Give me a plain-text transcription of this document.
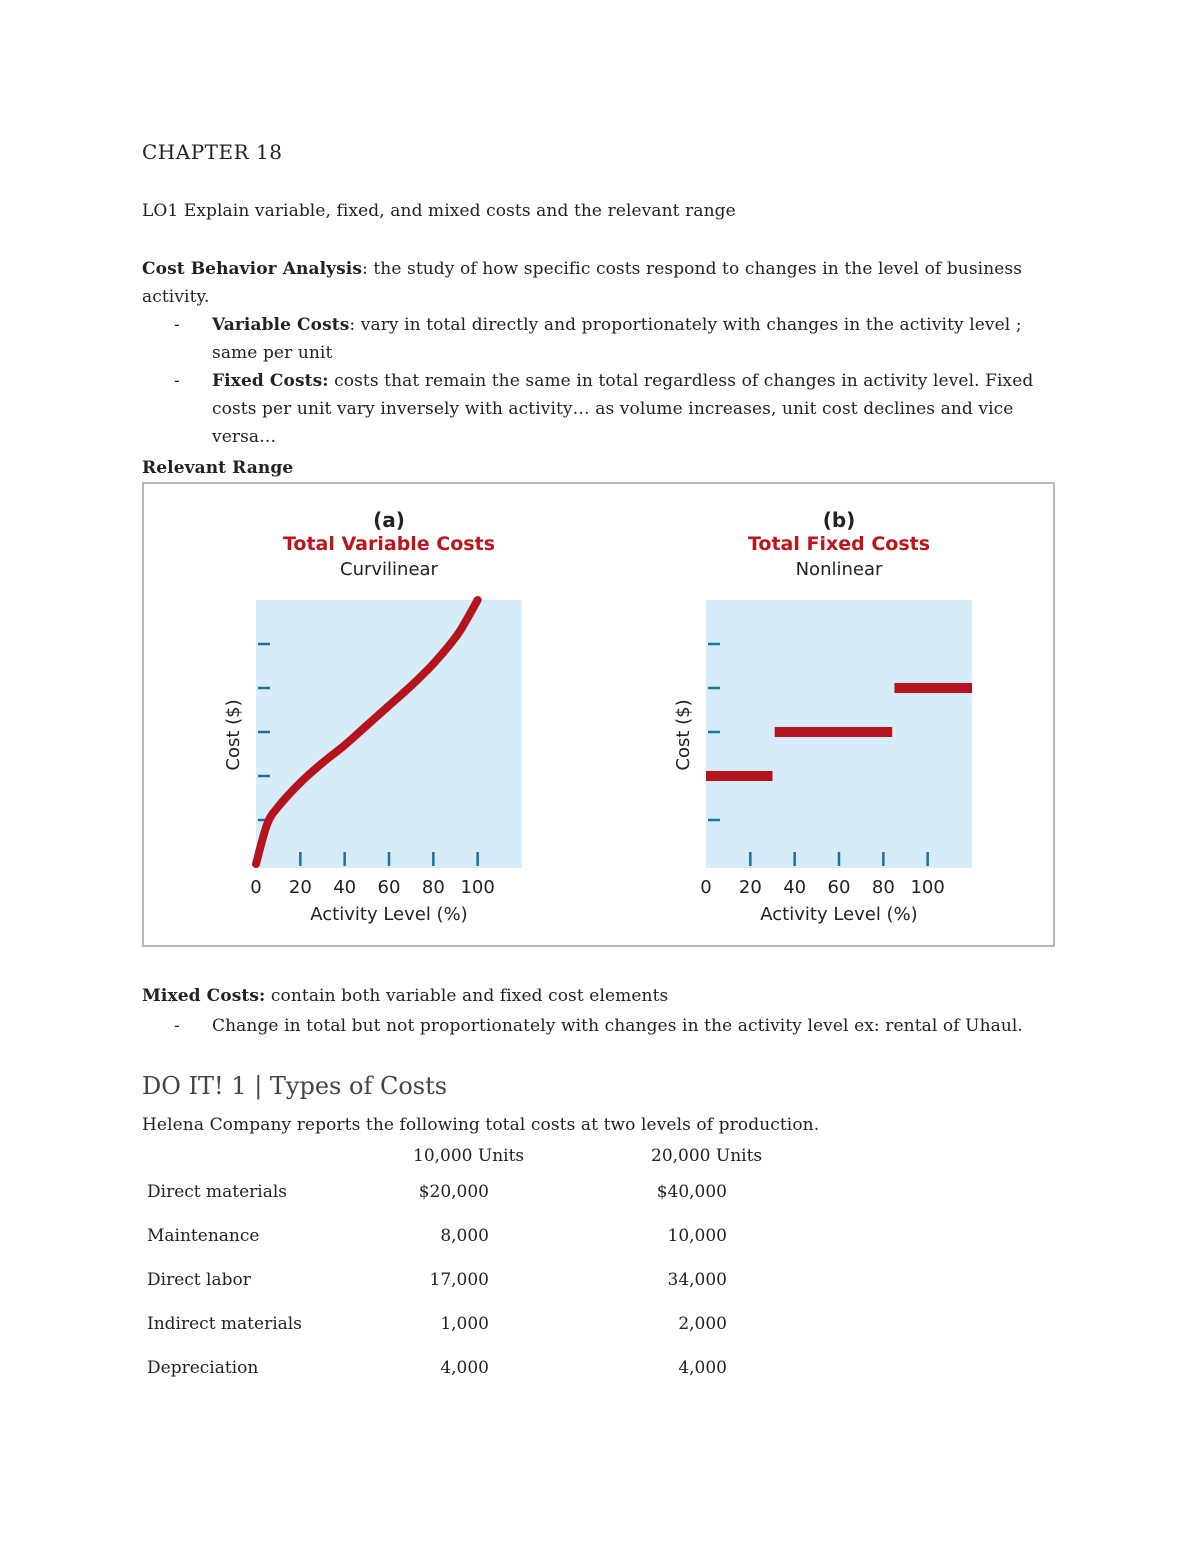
CHAPTER 18
LO1 Explain variable, fixed, and mixed costs and the relevant range
Cost Behavior Analysis: the study of how specific costs respond to changes in the level of business activity.
- Variable Costs: vary in total directly and proportionately with changes in the activity level ; same per unit
- Fixed Costs: costs that remain the same in total regardless of changes in activity level. Fixed costs per unit vary inversely with activity… as volume increases, unit cost declines and vice versa…
Relevant Range
(a)
Total Variable Costs
Curvilinear
0 20 40 60 80 100
Activity Level (%)
Cost ($)
(b)
Total Fixed Costs
Nonlinear
0 20 40 60 80 100
Activity Level (%)
Cost ($)
Mixed Costs: contain both variable and fixed cost elements
- Change in total but not proportionately with changes in the activity level ex: rental of Uhaul.
DO IT! 1 | Types of Costs
Helena Company reports the following total costs at two levels of production.
	10,000 Units		20,000 Units	
Direct materials	$20,000		$40,000	
Maintenance	8,000		10,000	
Direct labor	17,000		34,000	
Indirect materials	1,000		2,000	
Depreciation	4,000		4,000	
